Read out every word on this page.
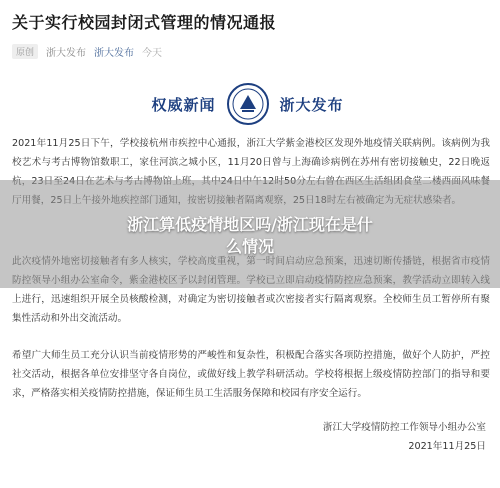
关于实行校园封闭式管理的情况通报
原创	浙大发布 浙大发布 今天
权威新闻	浙大发布

2021年11月25日下午，学校接杭州市疾控中心通报，浙江大学紫金港校区发现外地疫情关联病例。该病例为我校艺术与考古博物馆数职工，家住河滨之城小区，11月20日曾与上海确诊病例在苏州有密切接触史，22日晚返

上进行，迅速组织开展全员核酸检测，对确定为密切接触者或次密接者实行隔离观察。全校师生员工暂停所有聚集性活动和外出交流活动。

希望广大师生员工充分认识当前疫情形势的严峻性和复杂性，积极配合落实各项防控措施，做好个人防护，严控社交活动，根据各单位安排坚守各自岗位，或做好线上教学科研活动。学校将根据上级疫情防控部门的指导和要求，严格落实相关疫情防控措施，保证师生员工生活服务保障和校园有序安全运行。

浙江算低疫情地区吗/浙江现在是什
么情况
浙江大学疫情防控工作领导小组办公室
2021年11月25日
